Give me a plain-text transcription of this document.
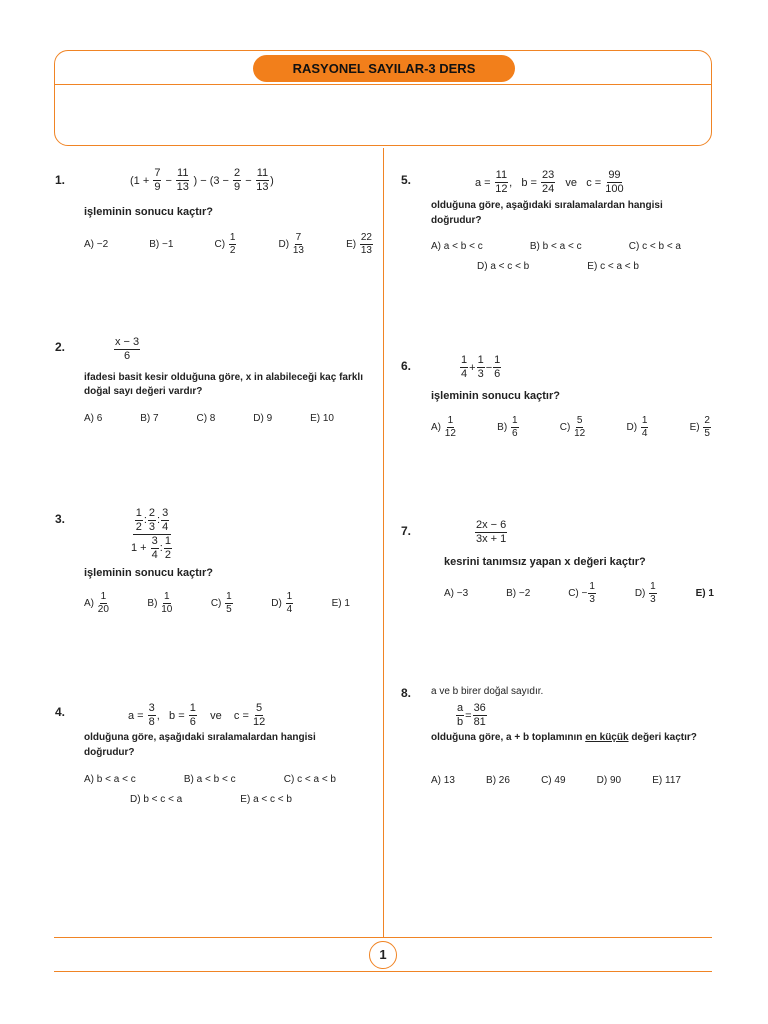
RASYONEL SAYILAR-3 DERS
1
1.	(1 +
$\frac{7}{9}$
−
$\frac{11}{13}$
) − (3 −
$\frac{2}{9}$
−
$\frac{11}{13}$ )
işleminin sonucu kaçtır?
A) −2	B) −1	C)
$\frac{1}{2}$	D)
$\frac{7}{13}$	E)
$\frac{22}{13}$
2.	$\frac{x - 3}{6}$
ifadesi basit kesir olduğuna göre, x in alabileceği kaç farklı doğal sayı değeri vardır?
A) 6	B) 7	C) 8	D) 9	E) 10
3.	$\frac{1}{2}$ : $\frac{2}{3}$ : $\frac{3}{4}$
1 +
$\frac{3}{4}$ : $\frac{1}{2}$
işleminin sonucu kaçtır?
A)
$\frac{1}{20}$	B)
$\frac{1}{10}$	C)
$\frac{1}{5}$	D)
$\frac{1}{4}$	E) 1
4.	a =
$\frac{3}{8}$ ,
b =
$\frac{1}{6}$
ve
c =
$\frac{5}{12}$
olduğuna göre, aşağıdaki sıralamalardan hangisi doğrudur?
A) b < a < c	B) a < b < c	C) c < a < b
D) b < c < a	E) a < c < b
5.	a =
$\frac{11}{12}$ ,
b =
$\frac{23}{24}$
ve
c =
$\frac{99}{100}$
olduğuna göre, aşağıdaki sıralamalardan hangisi doğrudur?
A) a < b < c	B) b < a < c	C) c < b < a
D) a < c < b	E) c < a < b
6.	$\frac{1}{4} + \frac{1}{3} - \frac{1}{6}$
işleminin sonucu kaçtır?
A)
$\frac{1}{12}$	B)
$\frac{1}{6}$	C)
$\frac{5}{12}$	D)
$\frac{1}{4}$	E)
$\frac{2}{5}$
7.	$\frac{2x - 6}{3x + 1}$
kesrini tanımsız yapan x değeri kaçtır?
A) −3	B) −2	$C) - \frac{1}{3}$	D)
$\frac{1}{3}$	E) 1
8. a ve b birer doğal sayıdır.
$\frac{a}{b} = \frac{36}{81}$
olduğuna göre, a + b toplamının en küçük değeri kaçtır?
A) 13	B) 26	C) 49	D) 90	E) 117
